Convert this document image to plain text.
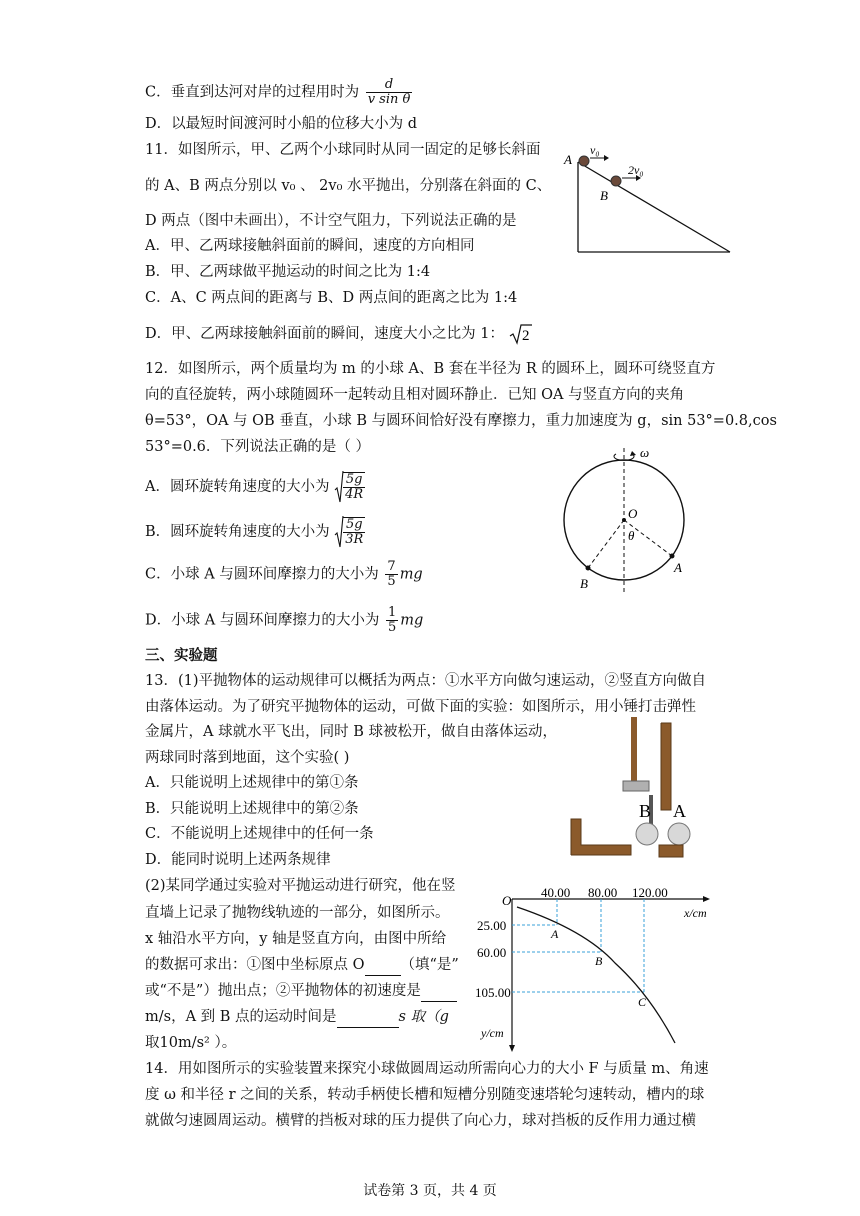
C．垂直到达河对岸的过程用时为 $\frac{d}{\text{v sin θ}}$
D．以最短时间渡河时小船的位移大小为 d
11．如图所示，甲、乙两个小球同时从同一固定的足够长斜面
的 A、B 两点分别以 v₀ 、 2v₀ 水平抛出，分别落在斜面的 C、
D 两点（图中未画出），不计空气阻力，下列说法正确的是
A．甲、乙两球接触斜面前的瞬间，速度的方向相同
B．甲、乙两球做平抛运动的时间之比为 1:4
C．A、C 两点间的距离与 B、D 两点间的距离之比为 1:4
D．甲、乙两球接触斜面前的瞬间，速度大小之比为 1： 2
A
B
v₀
2v₀
12．如图所示，两个质量均为 m 的小球 A、B 套在半径为 R 的圆环上，圆环可绕竖直方
向的直径旋转，两小球随圆环一起转动且相对圆环静止．已知 OA 与竖直方向的夹角
θ=53°，OA 与 OB 垂直，小球 B 与圆环间恰好没有摩擦力，重力加速度为 g，sin 53°=0.8,cos
53°=0.6．下列说法正确的是（ ）
A．圆环旋转角速度的大小为 $\frac{5g}{4R}$
B．圆环旋转角速度的大小为 $\frac{5g}{3R}$
C．小球 A 与圆环间摩擦力的大小为 $\frac{7}{5}$ mg
D．小球 A 与圆环间摩擦力的大小为 $\frac{1}{5}$ mg
ω
O
θ
A
B
三、实验题
13．(1)平抛物体的运动规律可以概括为两点：①水平方向做匀速运动，②竖直方向做自
由落体运动。为了研究平抛物体的运动，可做下面的实验：如图所示，用小锤打击弹性
金属片，A 球就水平飞出，同时 B 球被松开，做自由落体运动，
两球同时落到地面，这个实验( )
A．只能说明上述规律中的第①条
B．只能说明上述规律中的第②条
C．不能说明上述规律中的任何一条
D．能同时说明上述两条规律
B A
(2)某同学通过实验对平抛运动进行研究，他在竖
直墙上记录了抛物线轨迹的一部分，如图所示。
x 轴沿水平方向，y 轴是竖直方向，由图中所给
的数据可求出：①图中坐标原点 O （填“是”
或“不是”）抛出点；②平抛物体的初速度是
m/s，A 到 B 点的运动时间是	s 取（g
取10m/s² ）。
O
40.00 80.00 120.00
x/cm
25.00
60.00
105.00
y/cm
A
B
C
14．用如图所示的实验装置来探究小球做圆周运动所需向心力的大小 F 与质量 m、角速
度 ω 和半径 r 之间的关系，转动手柄使长槽和短槽分别随变速塔轮匀速转动，槽内的球
就做匀速圆周运动。横臂的挡板对球的压力提供了向心力，球对挡板的反作用力通过横
试卷第 3 页，共 4 页
